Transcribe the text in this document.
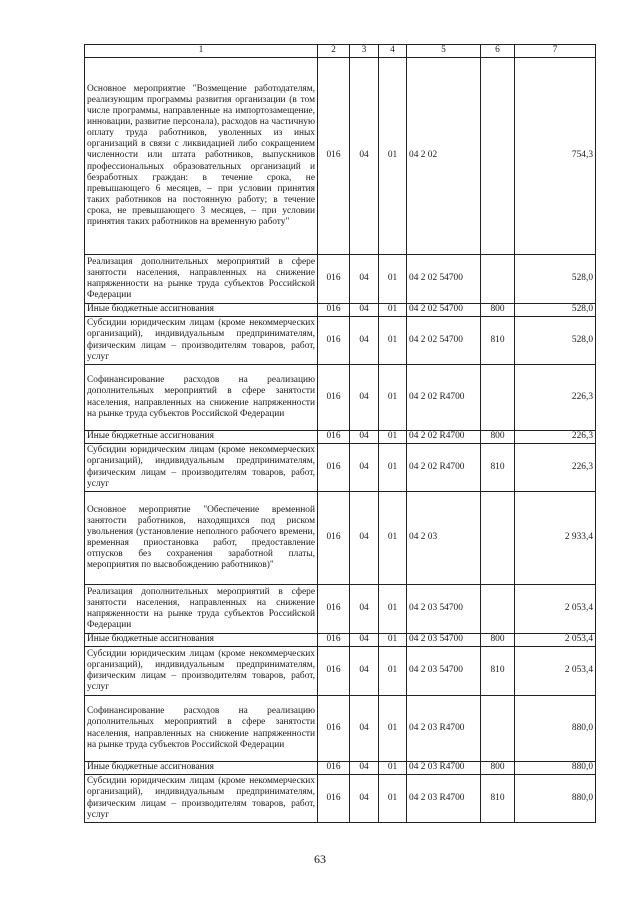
1	2	3	4	5	6	7
Основное мероприятие "Возмещение работодателям, реализующим программы развития организации (в том числе программы, направленные на импортозамещение, инновации, развитие персонала), расходов на частичную оплату труда работников, уволенных из иных организаций в связи с ликвидацией либо сокращением численности или штата работников, выпускников профессиональных образовательных организаций и безработных граждан: в течение срока, не превышающего 6 месяцев, – при условии принятия таких работников на постоянную работу; в течение срока, не превышающего 3 месяцев, – при условии принятия таких работников на временную работу"	016	04	01	04 2 02		754,3
Реализация дополнительных мероприятий в сфере занятости населения, направленных на снижение напряженности на рынке труда субъектов Российской Федерации	016	04	01	04 2 02 54700		528,0
Иные бюджетные ассигнования	016	04	01	04 2 02 54700	800	528,0
Субсидии юридическим лицам (кроме некоммерческих организаций), индивидуальным предпринимателям, физическим лицам – производителям товаров, работ, услуг	016	04	01	04 2 02 54700	810	528,0
Софинансирование расходов на реализацию дополнительных мероприятий в сфере занятости населения, направленных на снижение напряженности на рынке труда субъектов Российской Федерации	016	04	01	04 2 02 R4700		226,3
Иные бюджетные ассигнования	016	04	01	04 2 02 R4700	800	226,3
Субсидии юридическим лицам (кроме некоммерческих организаций), индивидуальным предпринимателям, физическим лицам – производителям товаров, работ, услуг	016	04	01	04 2 02 R4700	810	226,3
Основное мероприятие "Обеспечение временной занятости работников, находящихся под риском увольнения (установление неполного рабочего времени, временная приостановка работ, предоставление отпусков без сохранения заработной платы, мероприятия по высвобождению работников)"	016	04	01	04 2 03		2 933,4
Реализация дополнительных мероприятий в сфере занятости населения, направленных на снижение напряженности на рынке труда субъектов Российской Федерации	016	04	01	04 2 03 54700		2 053,4
Иные бюджетные ассигнования	016	04	01	04 2 03 54700	800	2 053,4
Субсидии юридическим лицам (кроме некоммерческих организаций), индивидуальным предпринимателям, физическим лицам – производителям товаров, работ, услуг	016	04	01	04 2 03 54700	810	2 053,4
Софинансирование расходов на реализацию дополнительных мероприятий в сфере занятости населения, направленных на снижение напряженности на рынке труда субъектов Российской Федерации	016	04	01	04 2 03 R4700		880,0
Иные бюджетные ассигнования	016	04	01	04 2 03 R4700	800	880,0
Субсидии юридическим лицам (кроме некоммерческих организаций), индивидуальным предпринимателям, физическим лицам – производителям товаров, работ, услуг	016	04	01	04 2 03 R4700	810	880,0
63
